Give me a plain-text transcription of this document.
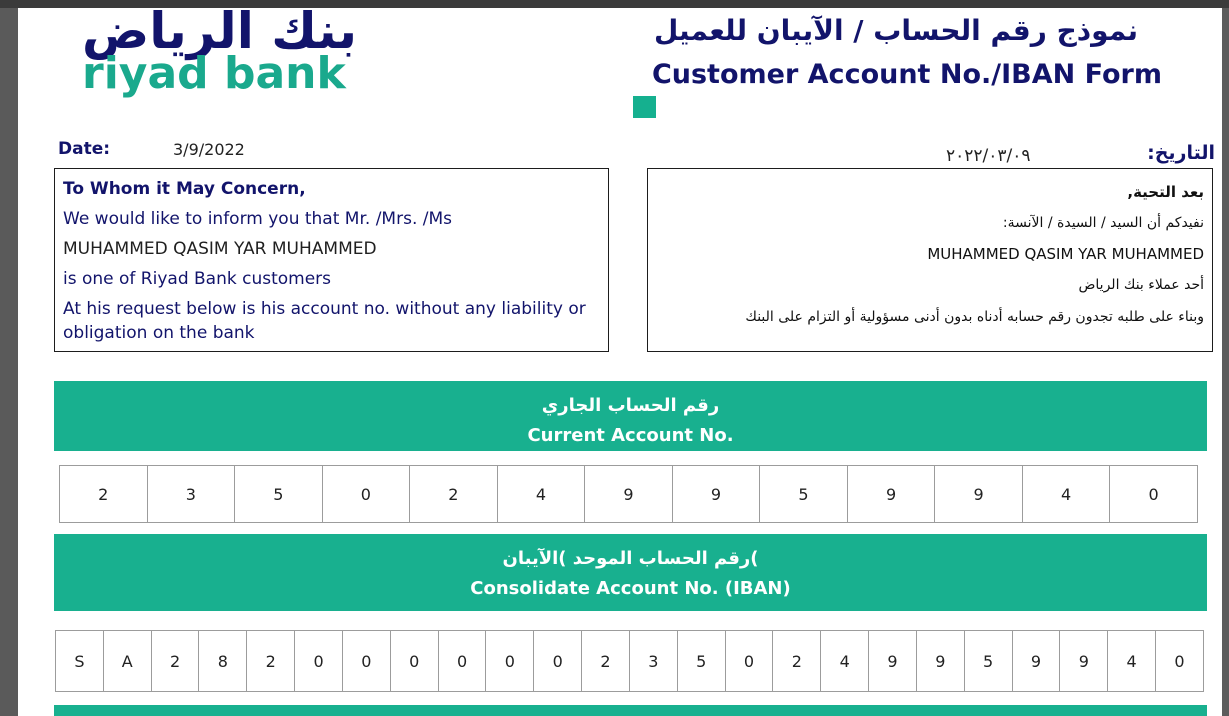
بنك الرياض
riyad bank
نموذج رقم الحساب / الآيبان للعميل
Customer Account No./IBAN Form
Date:	3/9/2022	٢٠٢٢/٠٣/٠٩	التاريخ:
To Whom it May Concern,
We would like to inform you that Mr. /Mrs. /Ms
MUHAMMED QASIM YAR MUHAMMED
is one of Riyad Bank customers
At his request below is his account no. without any liability or
obligation on the bank
بعد التحية,
نفيدكم أن السيد / السيدة / الآنسة:
MUHAMMED QASIM YAR MUHAMMED
أحد عملاء بنك الرياض
وبناء على طلبه تجدون رقم حسابه أدناه بدون أدنى مسؤولية أو التزام على البنك
رقم الحساب الجاري
Current Account No.
2	3	5	0	2	4	9	9	5	9	9	4	0
)رقم الحساب الموحد )الآيبان
Consolidate Account No. (IBAN)
S	A	2	8	2	0	0	0	0	0	0	2	3	5	0	2	4	9	9	5	9	9	4	0
